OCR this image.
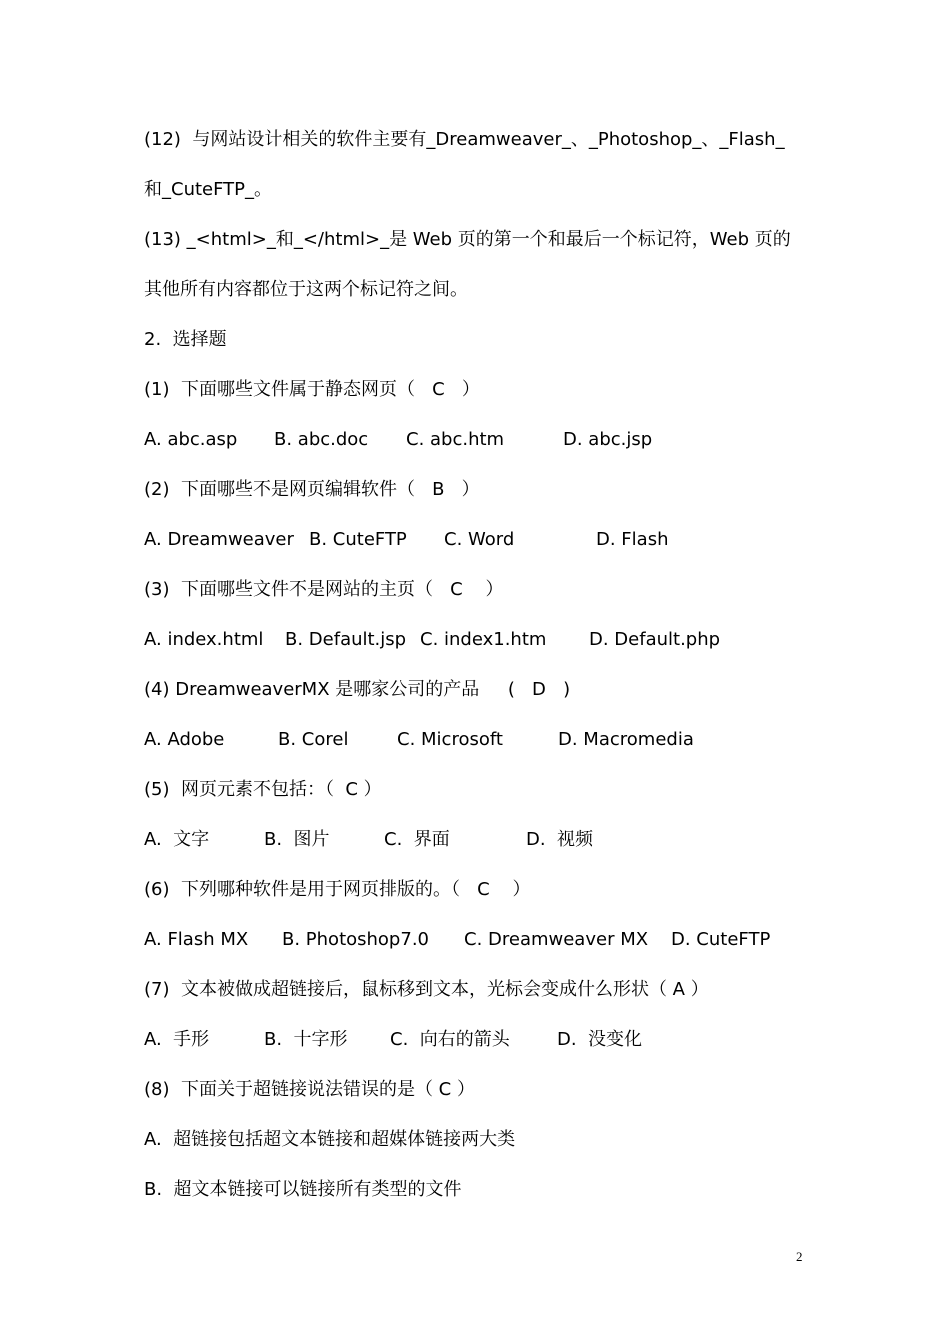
(12)  与网站设计相关的软件主要有_Dreamweaver_、_Photoshop_、_Flash_
和_CuteFTP_。
(13) _<html>_和_</html>_是 Web 页的第一个和最后一个标记符，Web 页的
其他所有内容都位于这两个标记符之间。
2.  选择题
(1)  下面哪些文件属于静态网页（   C   ）

A. abc.asp

B. abc.doc

C. abc.htm

	D. abc.jsp

(2)  下面哪些不是网页编辑软件（   B   ）

A. Dreamweaver

B. CuteFTP

C. Word

	D. Flash

(3)  下面哪些文件不是网站的主页（   C    ）

A. index.html

B. Default.jsp

C. index1.htm

D. Default.php

(4) DreamweaverMX 是哪家公司的产品     (   D   )

A. Adobe

	B. Corel

	C. Microsoft

	D. Macromedia

(5)  网页元素不包括：（  C ）

A.  文字

	B.  图片

	C.  界面

	D.  视频

(6)  下列哪种软件是用于网页排版的。（   C    ）

A. Flash MX

B. Photoshop7.0

C. Dreamweaver MX

D. CuteFTP

(7)  文本被做成超链接后，鼠标移到文本，光标会变成什么形状（ A ）

A.  手形

	B.  十字形

C.  向右的箭头

	D.  没变化

(8)  下面关于超链接说法错误的是（ C ）
A.  超链接包括超文本链接和超媒体链接两大类
B.  超文本链接可以链接所有类型的文件
2
